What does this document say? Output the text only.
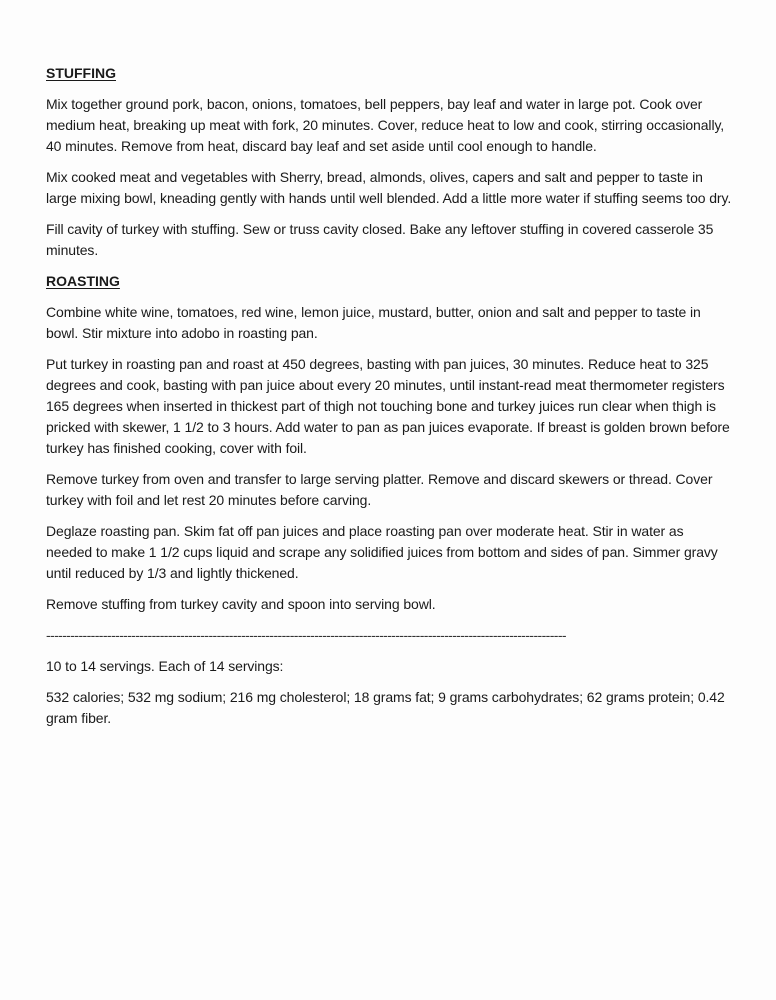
STUFFING

Mix together ground pork, bacon, onions, tomatoes, bell peppers, bay leaf and water in large pot. Cook over medium heat, breaking up meat with fork, 20 minutes. Cover, reduce heat to low and cook, stirring occasionally, 40 minutes. Remove from heat, discard bay leaf and set aside until cool enough to handle.

Mix cooked meat and vegetables with Sherry, bread, almonds, olives, capers and salt and pepper to taste in large mixing bowl, kneading gently with hands until well blended. Add a little more water if stuffing seems too dry.

Fill cavity of turkey with stuffing. Sew or truss cavity closed. Bake any leftover stuffing in covered casserole 35 minutes.

ROASTING

Combine white wine, tomatoes, red wine, lemon juice, mustard, butter, onion and salt and pepper to taste in bowl. Stir mixture into adobo in roasting pan.

Put turkey in roasting pan and roast at 450 degrees, basting with pan juices, 30 minutes. Reduce heat to 325 degrees and cook, basting with pan juice about every 20 minutes, until instant-read meat thermometer registers 165 degrees when inserted in thickest part of thigh not touching bone and turkey juices run clear when thigh is pricked with skewer, 1 1/2 to 3 hours. Add water to pan as pan juices evaporate. If breast is golden brown before turkey has finished cooking, cover with foil.

Remove turkey from oven and transfer to large serving platter. Remove and discard skewers or thread. Cover turkey with foil and let rest 20 minutes before carving.

Deglaze roasting pan. Skim fat off pan juices and place roasting pan over moderate heat. Stir in water as needed to make 1 1/2 cups liquid and scrape any solidified juices from bottom and sides of pan. Simmer gravy until reduced by 1/3 and lightly thickened.

Remove stuffing from turkey cavity and spoon into serving bowl.

--------------------------------------------------------------------------------------------------------------------------------

10 to 14 servings. Each of 14 servings:

532 calories; 532 mg sodium; 216 mg cholesterol; 18 grams fat; 9 grams carbohydrates; 62 grams protein; 0.42 gram fiber.
